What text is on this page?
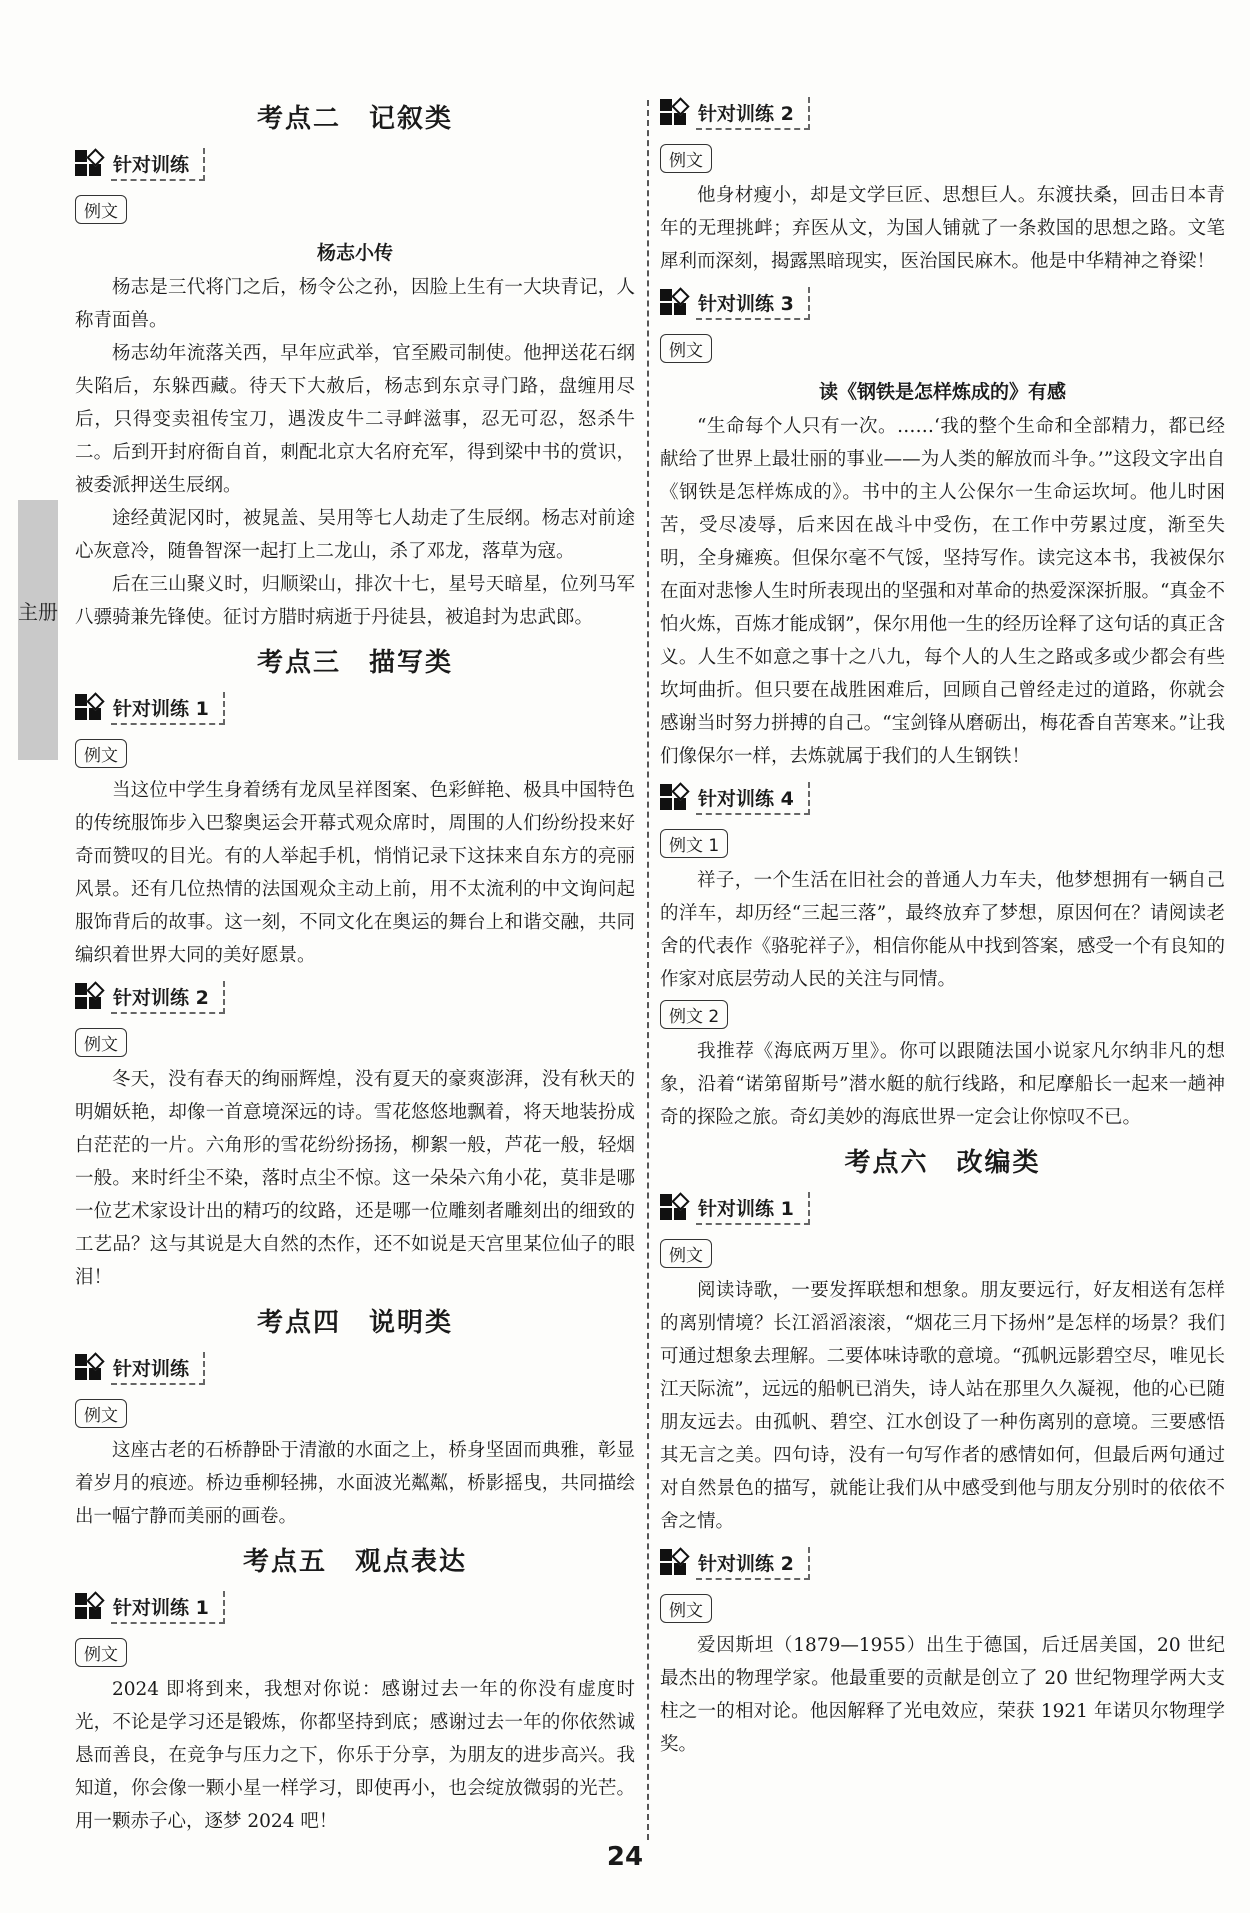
主册
考点二　记叙类
针对训练
例文
杨志小传

杨志是三代将门之后，杨令公之孙，因脸上生有一大块青记，人称青面兽。

杨志幼年流落关西，早年应武举，官至殿司制使。他押送花石纲失陷后，东躲西藏。待天下大赦后，杨志到东京寻门路，盘缠用尽后，只得变卖祖传宝刀，遇泼皮牛二寻衅滋事，忍无可忍，怒杀牛二。后到开封府衙自首，刺配北京大名府充军，得到梁中书的赏识，被委派押送生辰纲。

途经黄泥冈时，被晁盖、吴用等七人劫走了生辰纲。杨志对前途心灰意冷，随鲁智深一起打上二龙山，杀了邓龙，落草为寇。

后在三山聚义时，归顺梁山，排次十七，星号天暗星，位列马军八骠骑兼先锋使。征讨方腊时病逝于丹徒县，被追封为忠武郎。

考点三　描写类
针对训练 1
例文

当这位中学生身着绣有龙凤呈祥图案、色彩鲜艳、极具中国特色的传统服饰步入巴黎奥运会开幕式观众席时，周围的人们纷纷投来好奇而赞叹的目光。有的人举起手机，悄悄记录下这抹来自东方的亮丽风景。还有几位热情的法国观众主动上前，用不太流利的中文询问起服饰背后的故事。这一刻，不同文化在奥运的舞台上和谐交融，共同编织着世界大同的美好愿景。

针对训练 2
例文

冬天，没有春天的绚丽辉煌，没有夏天的豪爽澎湃，没有秋天的明媚妖艳，却像一首意境深远的诗。雪花悠悠地飘着，将天地装扮成白茫茫的一片。六角形的雪花纷纷扬扬，柳絮一般，芦花一般，轻烟一般。来时纤尘不染，落时点尘不惊。这一朵朵六角小花，莫非是哪一位艺术家设计出的精巧的纹路，还是哪一位雕刻者雕刻出的细致的工艺品？这与其说是大自然的杰作，还不如说是天宫里某位仙子的眼泪！

考点四　说明类
针对训练
例文

这座古老的石桥静卧于清澈的水面之上，桥身坚固而典雅，彰显着岁月的痕迹。桥边垂柳轻拂，水面波光粼粼，桥影摇曳，共同描绘出一幅宁静而美丽的画卷。

考点五　观点表达
针对训练 1
例文

2024 即将到来，我想对你说：感谢过去一年的你没有虚度时光，不论是学习还是锻炼，你都坚持到底；感谢过去一年的你依然诚恳而善良，在竞争与压力之下，你乐于分享，为朋友的进步高兴。我知道，你会像一颗小星一样学习，即使再小，也会绽放微弱的光芒。用一颗赤子心，逐梦 2024 吧！

针对训练 2
例文

他身材瘦小，却是文学巨匠、思想巨人。东渡扶桑，回击日本青年的无理挑衅；弃医从文，为国人铺就了一条救国的思想之路。文笔犀利而深刻，揭露黑暗现实，医治国民麻木。他是中华精神之脊梁！

针对训练 3
例文
读《钢铁是怎样炼成的》有感

“生命每个人只有一次。……‘我的整个生命和全部精力，都已经献给了世界上最壮丽的事业——为人类的解放而斗争。’”这段文字出自《钢铁是怎样炼成的》。书中的主人公保尔一生命运坎坷。他儿时困苦，受尽凌辱，后来因在战斗中受伤，在工作中劳累过度，渐至失明，全身瘫痪。但保尔毫不气馁，坚持写作。读完这本书，我被保尔在面对悲惨人生时所表现出的坚强和对革命的热爱深深折服。“真金不怕火炼，百炼才能成钢”，保尔用他一生的经历诠释了这句话的真正含义。人生不如意之事十之八九，每个人的人生之路或多或少都会有些坎坷曲折。但只要在战胜困难后，回顾自己曾经走过的道路，你就会感谢当时努力拼搏的自己。“宝剑锋从磨砺出，梅花香自苦寒来。”让我们像保尔一样，去炼就属于我们的人生钢铁！

针对训练 4
例文 1

祥子，一个生活在旧社会的普通人力车夫，他梦想拥有一辆自己的洋车，却历经“三起三落”，最终放弃了梦想，原因何在？请阅读老舍的代表作《骆驼祥子》，相信你能从中找到答案，感受一个有良知的作家对底层劳动人民的关注与同情。

例文 2

我推荐《海底两万里》。你可以跟随法国小说家凡尔纳非凡的想象，沿着“诺第留斯号”潜水艇的航行线路，和尼摩船长一起来一趟神奇的探险之旅。奇幻美妙的海底世界一定会让你惊叹不已。

考点六　改编类
针对训练 1
例文

阅读诗歌，一要发挥联想和想象。朋友要远行，好友相送有怎样的离别情境？长江滔滔滚滚，“烟花三月下扬州”是怎样的场景？我们可通过想象去理解。二要体味诗歌的意境。“孤帆远影碧空尽，唯见长江天际流”，远远的船帆已消失，诗人站在那里久久凝视，他的心已随朋友远去。由孤帆、碧空、江水创设了一种伤离别的意境。三要感悟其无言之美。四句诗，没有一句写作者的感情如何，但最后两句通过对自然景色的描写，就能让我们从中感受到他与朋友分别时的依依不舍之情。

针对训练 2
例文

爱因斯坦（1879—1955）出生于德国，后迁居美国，20 世纪最杰出的物理学家。他最重要的贡献是创立了 20 世纪物理学两大支柱之一的相对论。他因解释了光电效应，荣获 1921 年诺贝尔物理学奖。

24
